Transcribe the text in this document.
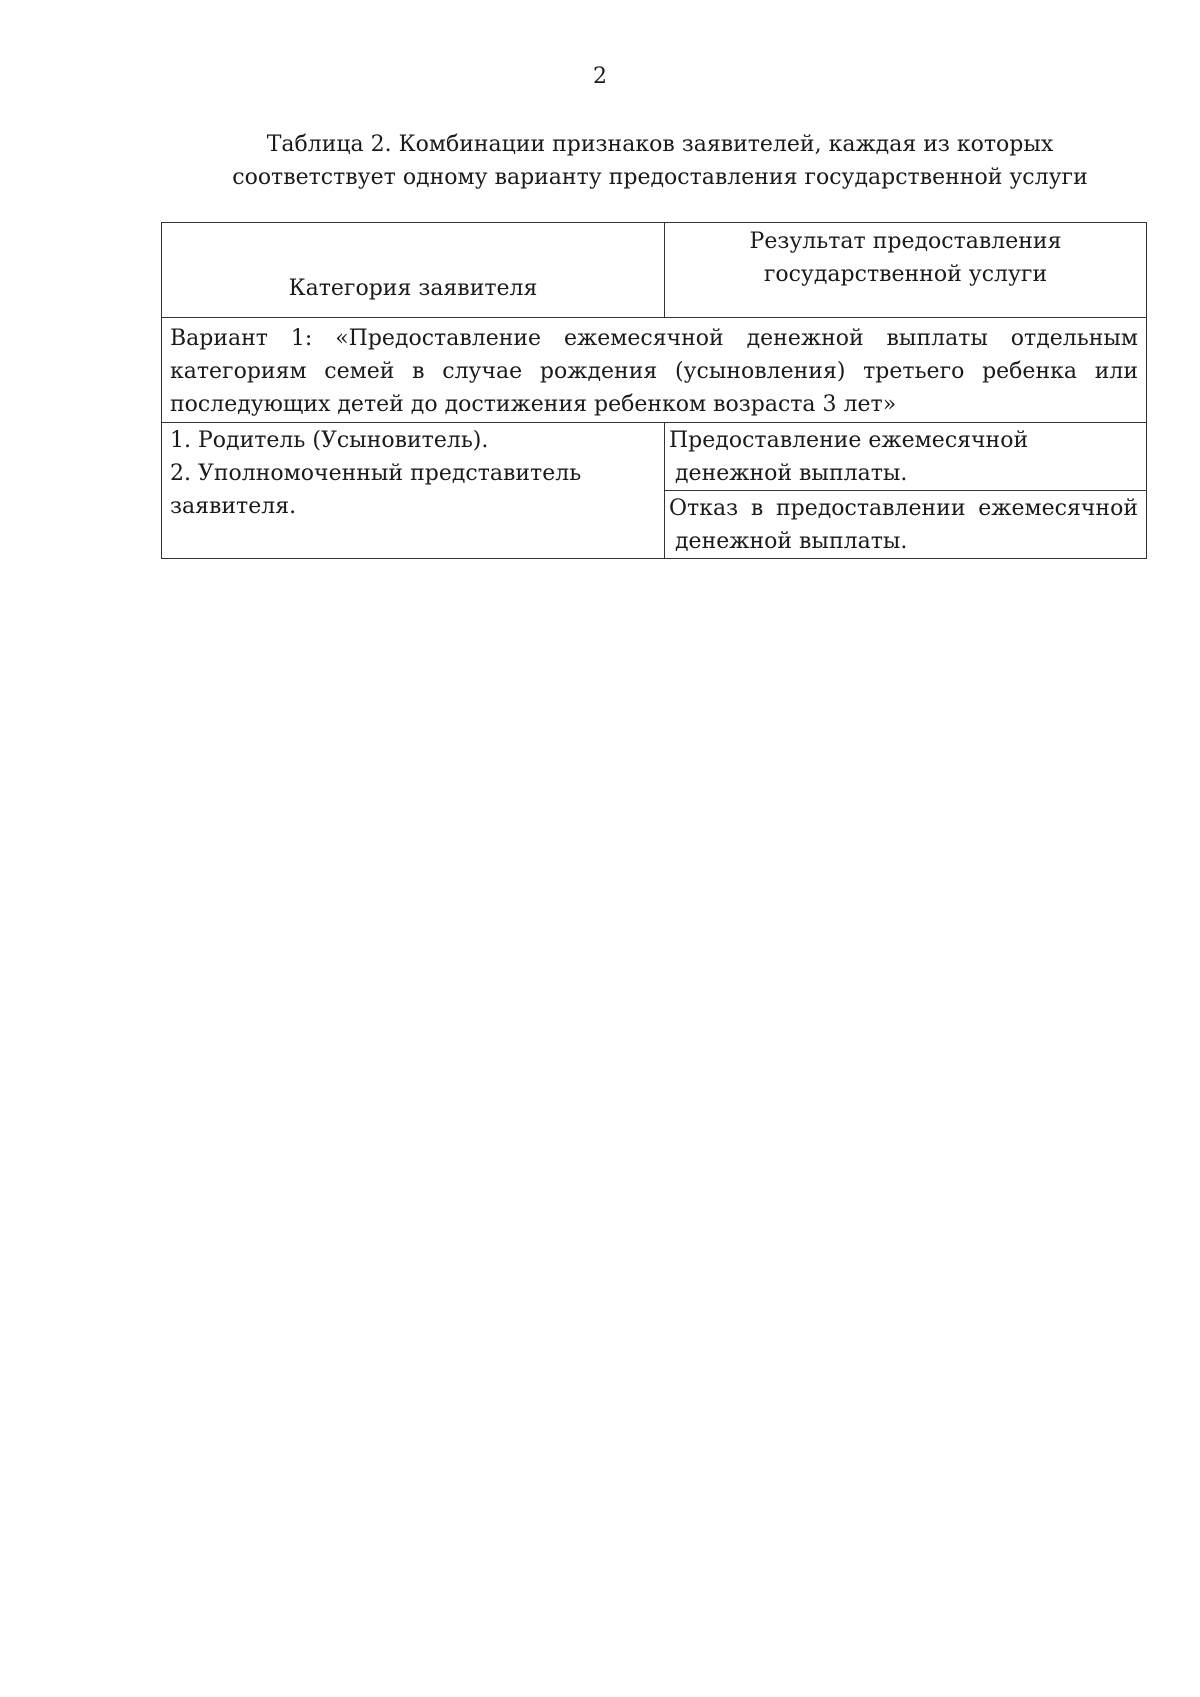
2
Таблица 2. Комбинации признаков заявителей, каждая из которых
соответствует одному варианту предоставления государственной услуги
Категория заявителя	Результат предоставления
государственной услуги

Вариант 1: «Предоставление ежемесячной денежной выплаты отдельным
категориям семей в случае рождения (усыновления) третьего ребенка или
последующих детей до достижения ребенком возраста 3 лет»	

1. Родитель (Усыновитель).
2. Уполномоченный представитель
заявителя.	Предоставление ежемесячной
денежной выплаты.

	Отказ в предоставлении ежемесячной
денежной выплаты.
